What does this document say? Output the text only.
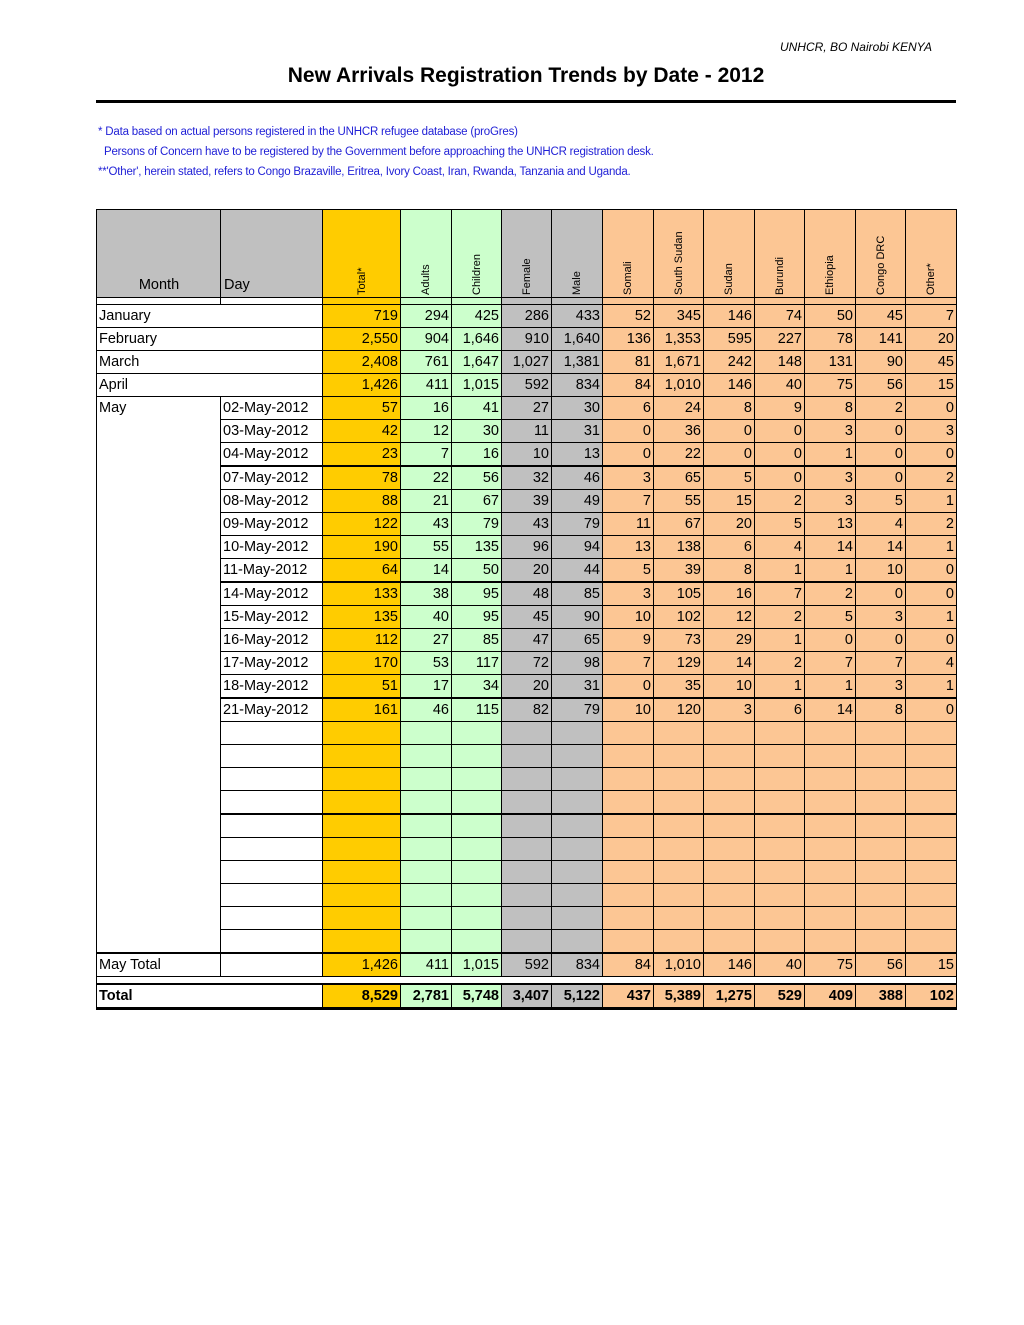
UNHCR, BO Nairobi KENYA
New Arrivals Registration Trends by Date - 2012
* Data based on actual persons registered in the UNHCR refugee database (proGres)
Persons of Concern have to be registered by the Government before approaching the UNHCR registration desk.
**'Other', herein stated, refers to Congo Brazaville, Eritrea, Ivory Coast, Iran, Rwanda, Tanzania and Uganda.
Month	Day	Total*	Adults	Children	Female	Male	Somali	South Sudan	Sudan	Burundi	Ethiopia	Congo DRC	Other*

January		719	294	425	286	433	52	345	146	74	50	45	7
February		2,550	904	1,646	910	1,640	136	1,353	595	227	78	141	20
March		2,408	761	1,647	1,027	1,381	81	1,671	242	148	131	90	45
April		1,426	411	1,015	592	834	84	1,010	146	40	75	56	15
May	02-May-2012	57	16	41	27	30	6	24	8	9	8	2	0
	03-May-2012	42	12	30	11	31	0	36	0	0	3	0	3
	04-May-2012	23	7	16	10	13	0	22	0	0	1	0	0
	07-May-2012	78	22	56	32	46	3	65	5	0	3	0	2
	08-May-2012	88	21	67	39	49	7	55	15	2	3	5	1
	09-May-2012	122	43	79	43	79	11	67	20	5	13	4	2
	10-May-2012	190	55	135	96	94	13	138	6	4	14	14	1
	11-May-2012	64	14	50	20	44	5	39	8	1	1	10	0
	14-May-2012	133	38	95	48	85	3	105	16	7	2	0	0
	15-May-2012	135	40	95	45	90	10	102	12	2	5	3	1
	16-May-2012	112	27	85	47	65	9	73	29	1	0	0	0
	17-May-2012	170	53	117	72	98	7	129	14	2	7	7	4
	18-May-2012	51	17	34	20	31	0	35	10	1	1	3	1
	21-May-2012	161	46	115	82	79	10	120	3	6	14	8	0

May Total		1,426	411	1,015	592	834	84	1,010	146	40	75	56	15

Total		8,529	2,781	5,748	3,407	5,122	437	5,389	1,275	529	409	388	102
